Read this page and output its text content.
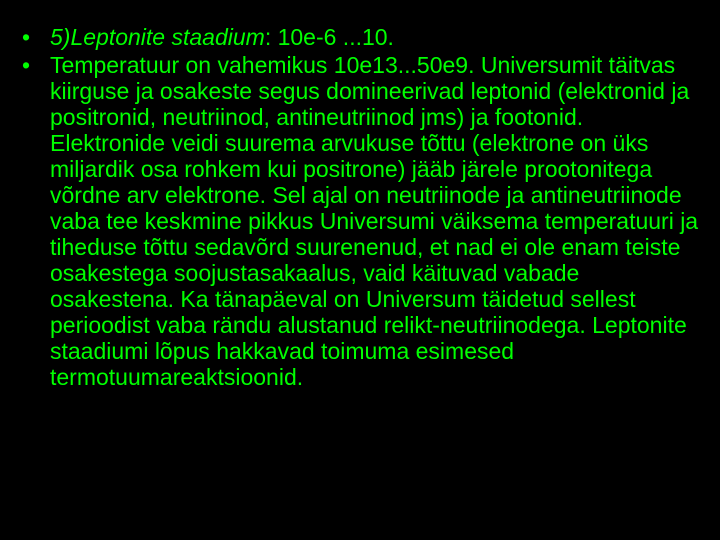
• 5)Leptonite staadium: 10e-6 ...10.
• Temperatuur on vahemikus 10e13...50e9. Universumit täitvas kiirguse ja osakeste segus domineerivad leptonid (elektronid ja positronid, neutriinod, antineutriinod jms) ja footonid. Elektronide veidi suurema arvukuse tõttu (elektrone on üks miljardik osa rohkem kui positrone) jääb järele prootonitega võrdne arv elektrone. Sel ajal on neutriinode ja antineutriinode vaba tee keskmine pikkus Universumi väiksema temperatuuri ja tiheduse tõttu sedavõrd suurenenud, et nad ei ole enam teiste osakestega soojustasakaalus, vaid käituvad vabade osakestena. Ka tänapäeval on Universum täidetud sellest perioodist vaba rändu alustanud relikt-neutriinodega. Leptonite staadiumi lõpus hakkavad toimuma esimesed termotuumareaktsioonid.
